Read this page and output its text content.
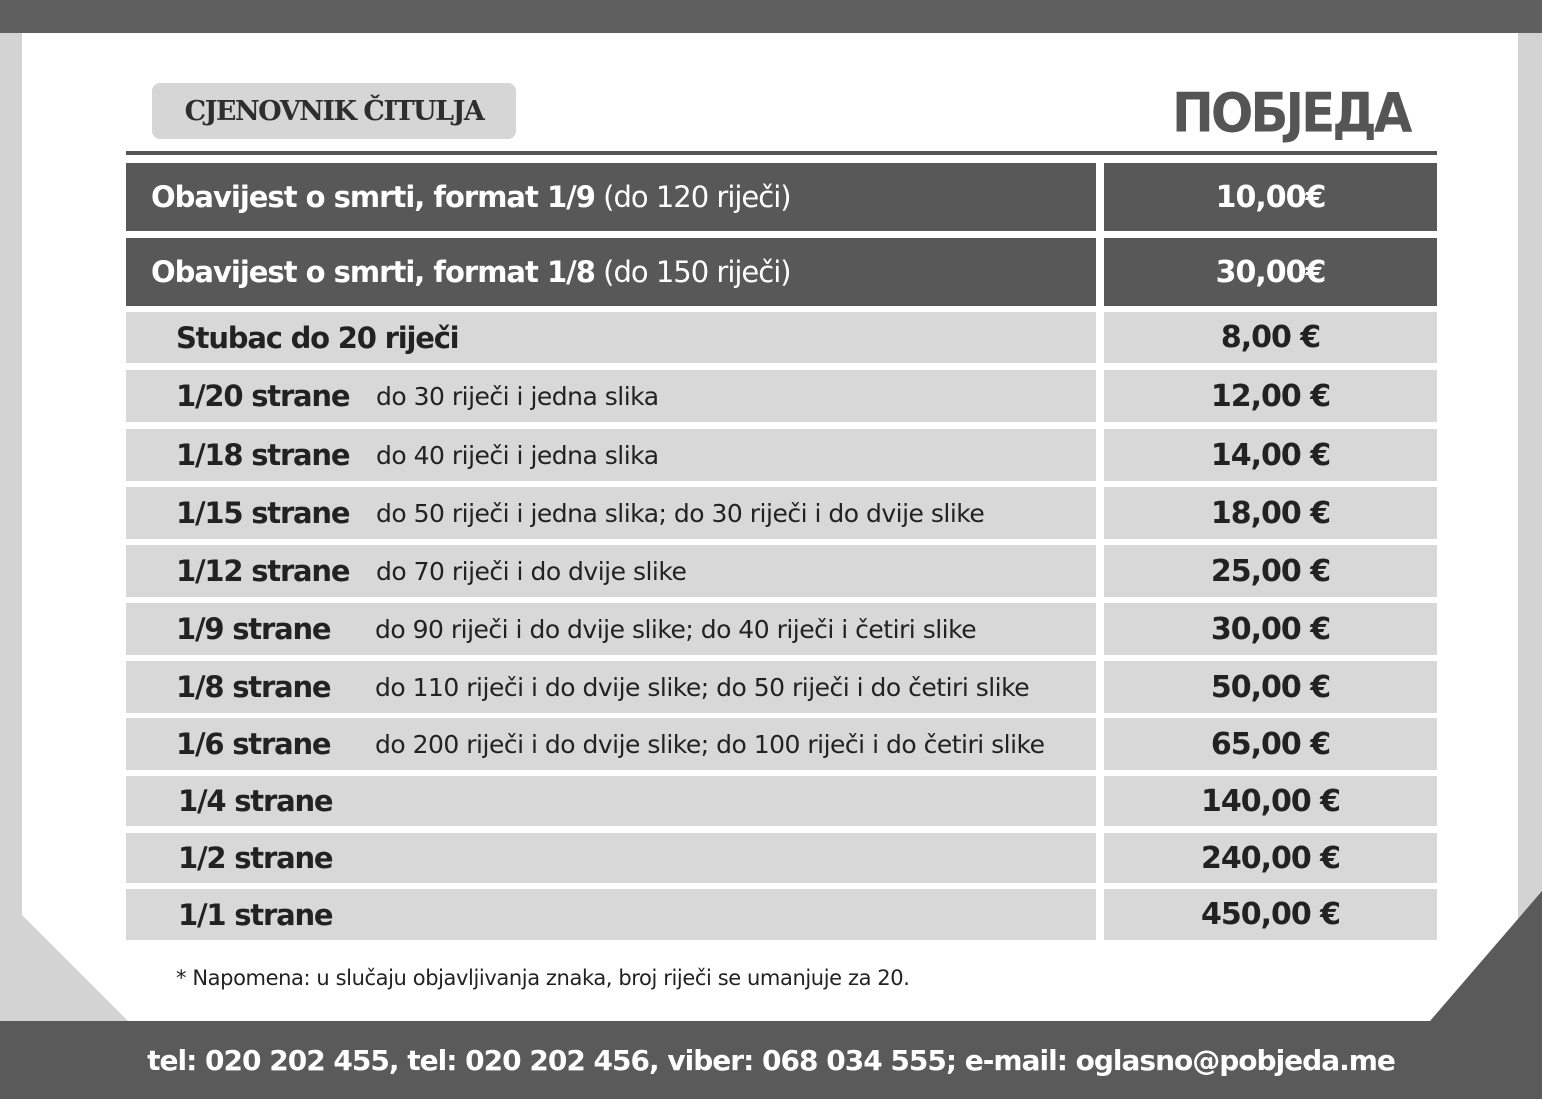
CJENOVNIK ČITULJA	ПОБЈЕДА
Obavijest o smrti, format 1/9
(do 120 riječi)	10,00€
Obavijest o smrti, format 1/8
(do 150 riječi)	30,00€
Stubac do 20 riječi	8,00 €
1/20 strane do 30 riječi i jedna slika	12,00 €
1/18 strane do 40 riječi i jedna slika	14,00 €
1/15 strane do 50 riječi i jedna slika; do 30 riječi i do dvije slike	18,00 €
1/12 strane do 70 riječi i do dvije slike	25,00 €
1/9 strane do 90 riječi i do dvije slike; do 40 riječi i četiri slike	30,00 €
1/8 strane do 110 riječi i do dvije slike; do 50 riječi i do četiri slike	50,00 €
1/6 strane do 200 riječi i do dvije slike; do 100 riječi i do četiri slike	65,00 €
1/4 strane	140,00 €
1/2 strane	240,00 €
1/1 strane	450,00 €
* Napomena: u slučaju objavljivanja znaka, broj riječi se umanjuje za 20.
tel: 020 202 455, tel: 020 202 456, viber: 068 034 555; e-mail: oglasno@pobjeda.me
